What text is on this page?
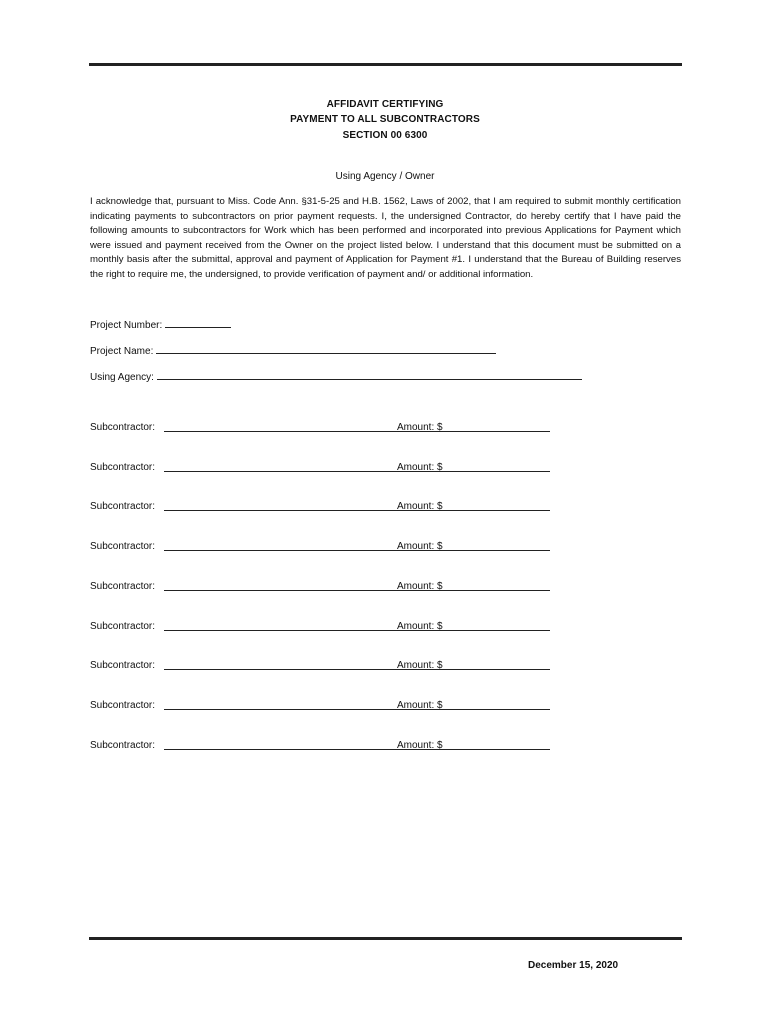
AFFIDAVIT CERTIFYING
PAYMENT TO ALL SUBCONTRACTORS
SECTION 00 6300
Using Agency / Owner
I acknowledge that, pursuant to Miss. Code Ann. §31-5-25 and H.B. 1562, Laws of 2002, that I am required to submit monthly certification indicating payments to subcontractors on prior payment requests. I, the undersigned Contractor, do hereby certify that I have paid the following amounts to subcontractors for Work which has been performed and incorporated into previous Applications for Payment which were issued and payment received from the Owner on the project listed below. I understand that this document must be submitted on a monthly basis after the submittal, approval and payment of Application for Payment #1. I understand that the Bureau of Building reserves the right to require me, the undersigned, to provide verification of payment and/ or additional information.
Project Number:
Project Name:
Using Agency:
Subcontractor:	Amount: $
Subcontractor:	Amount: $
Subcontractor:	Amount: $
Subcontractor:	Amount: $
Subcontractor:	Amount: $
Subcontractor:	Amount: $
Subcontractor:	Amount: $
Subcontractor:	Amount: $
Subcontractor:	Amount: $
December 15, 2020
